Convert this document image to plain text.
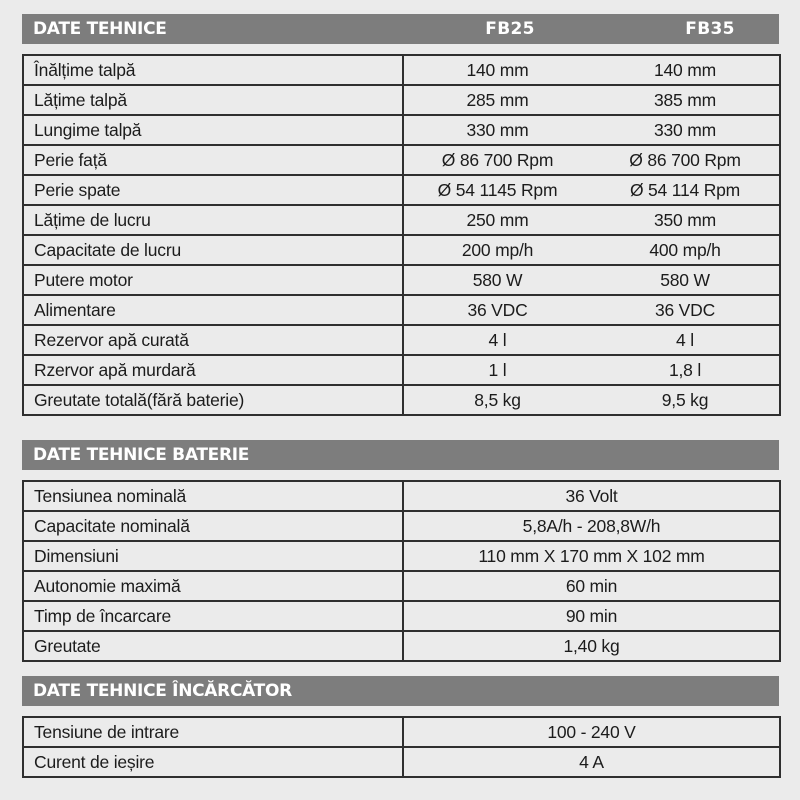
DATE TEHNICE	FB25	FB35
Înălțime talpă	140 mm	140 mm
Lățime talpă	285 mm	385 mm
Lungime talpă	330 mm	330 mm
Perie față	Ø 86 700 Rpm	Ø 86 700 Rpm
Perie spate	Ø 54 1145 Rpm	Ø 54 114 Rpm
Lățime de lucru	250 mm	350 mm
Capacitate de lucru	200 mp/h	400 mp/h
Putere motor	580 W	580 W
Alimentare	36 VDC	36 VDC
Rezervor apă curată	4 l	4 l
Rzervor apă murdară	1 l	1,8 l
Greutate totală(fără baterie)	8,5 kg	9,5 kg
DATE TEHNICE BATERIE
Tensiunea nominală	36 Volt
Capacitate nominală	5,8A/h - 208,8W/h
Dimensiuni	110 mm X 170 mm X 102 mm
Autonomie maximă	60 min
Timp de încarcare	90 min
Greutate	1,40 kg
DATE TEHNICE ÎNCĂRCĂTOR
Tensiune de intrare	100 - 240 V
Curent de ieșire	4 A
